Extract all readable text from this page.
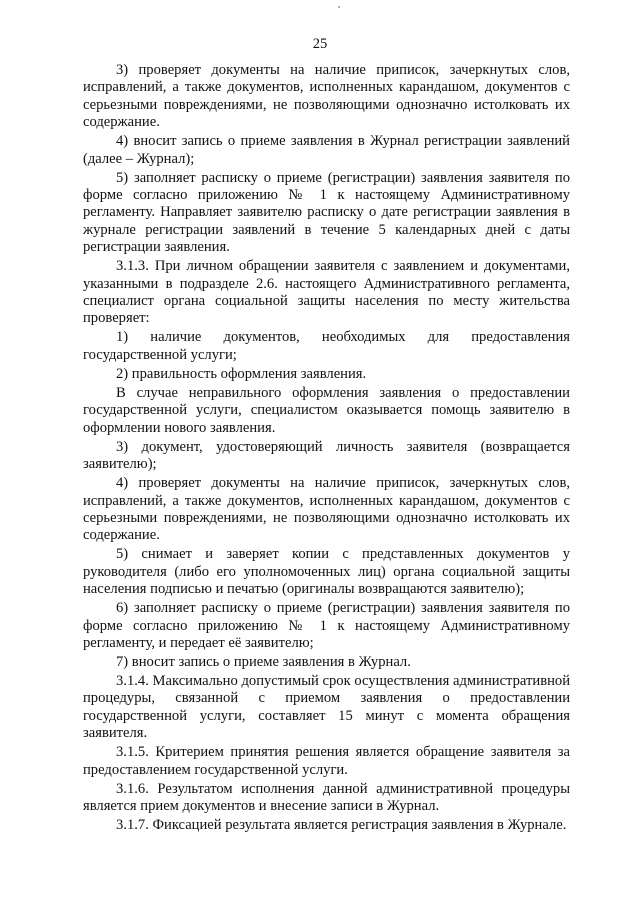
25

3) проверяет документы на наличие приписок, зачеркнутых слов, исправлений, а также документов, исполненных карандашом, документов с серьезными повреждениями, не позволяющими однозначно истолковать их содержание.

4) вносит запись о приеме заявления в Журнал регистрации заявлений (далее – Журнал);

5) заполняет расписку о приеме (регистрации) заявления заявителя по форме согласно приложению № 1 к настоящему Административному регламенту. Направляет заявителю расписку о дате регистрации заявления в журнале регистрации заявлений в течение 5 календарных дней с даты регистрации заявления.

3.1.3. При личном обращении заявителя с заявлением и документами, указанными в подразделе 2.6. настоящего Административного регламента, специалист органа социальной защиты населения по месту жительства проверяет:

1) наличие документов, необходимых для предоставления государственной услуги;

2) правильность оформления заявления.

В случае неправильного оформления заявления о предоставлении государственной услуги, специалистом оказывается помощь заявителю в оформлении нового заявления.

3) документ, удостоверяющий личность заявителя (возвращается заявителю);

4) проверяет документы на наличие приписок, зачеркнутых слов, исправлений, а также документов, исполненных карандашом, документов с серьезными повреждениями, не позволяющими однозначно истолковать их содержание.

5) снимает и заверяет копии с представленных документов у руководителя (либо его уполномоченных лиц) органа социальной защиты населения подписью и печатью (оригиналы возвращаются заявителю);

6) заполняет расписку о приеме (регистрации) заявления заявителя по форме согласно приложению № 1 к настоящему Административному регламенту, и передает её заявителю;

7) вносит запись о приеме заявления в Журнал.

3.1.4. Максимально допустимый срок осуществления административной процедуры, связанной с приемом заявления о предоставлении государственной услуги, составляет 15 минут с момента обращения заявителя.

3.1.5. Критерием принятия решения является обращение заявителя за предоставлением государственной услуги.

3.1.6. Результатом исполнения данной административной процедуры является прием документов и внесение записи в Журнал.

3.1.7. Фиксацией результата является регистрация заявления в Журнале.
